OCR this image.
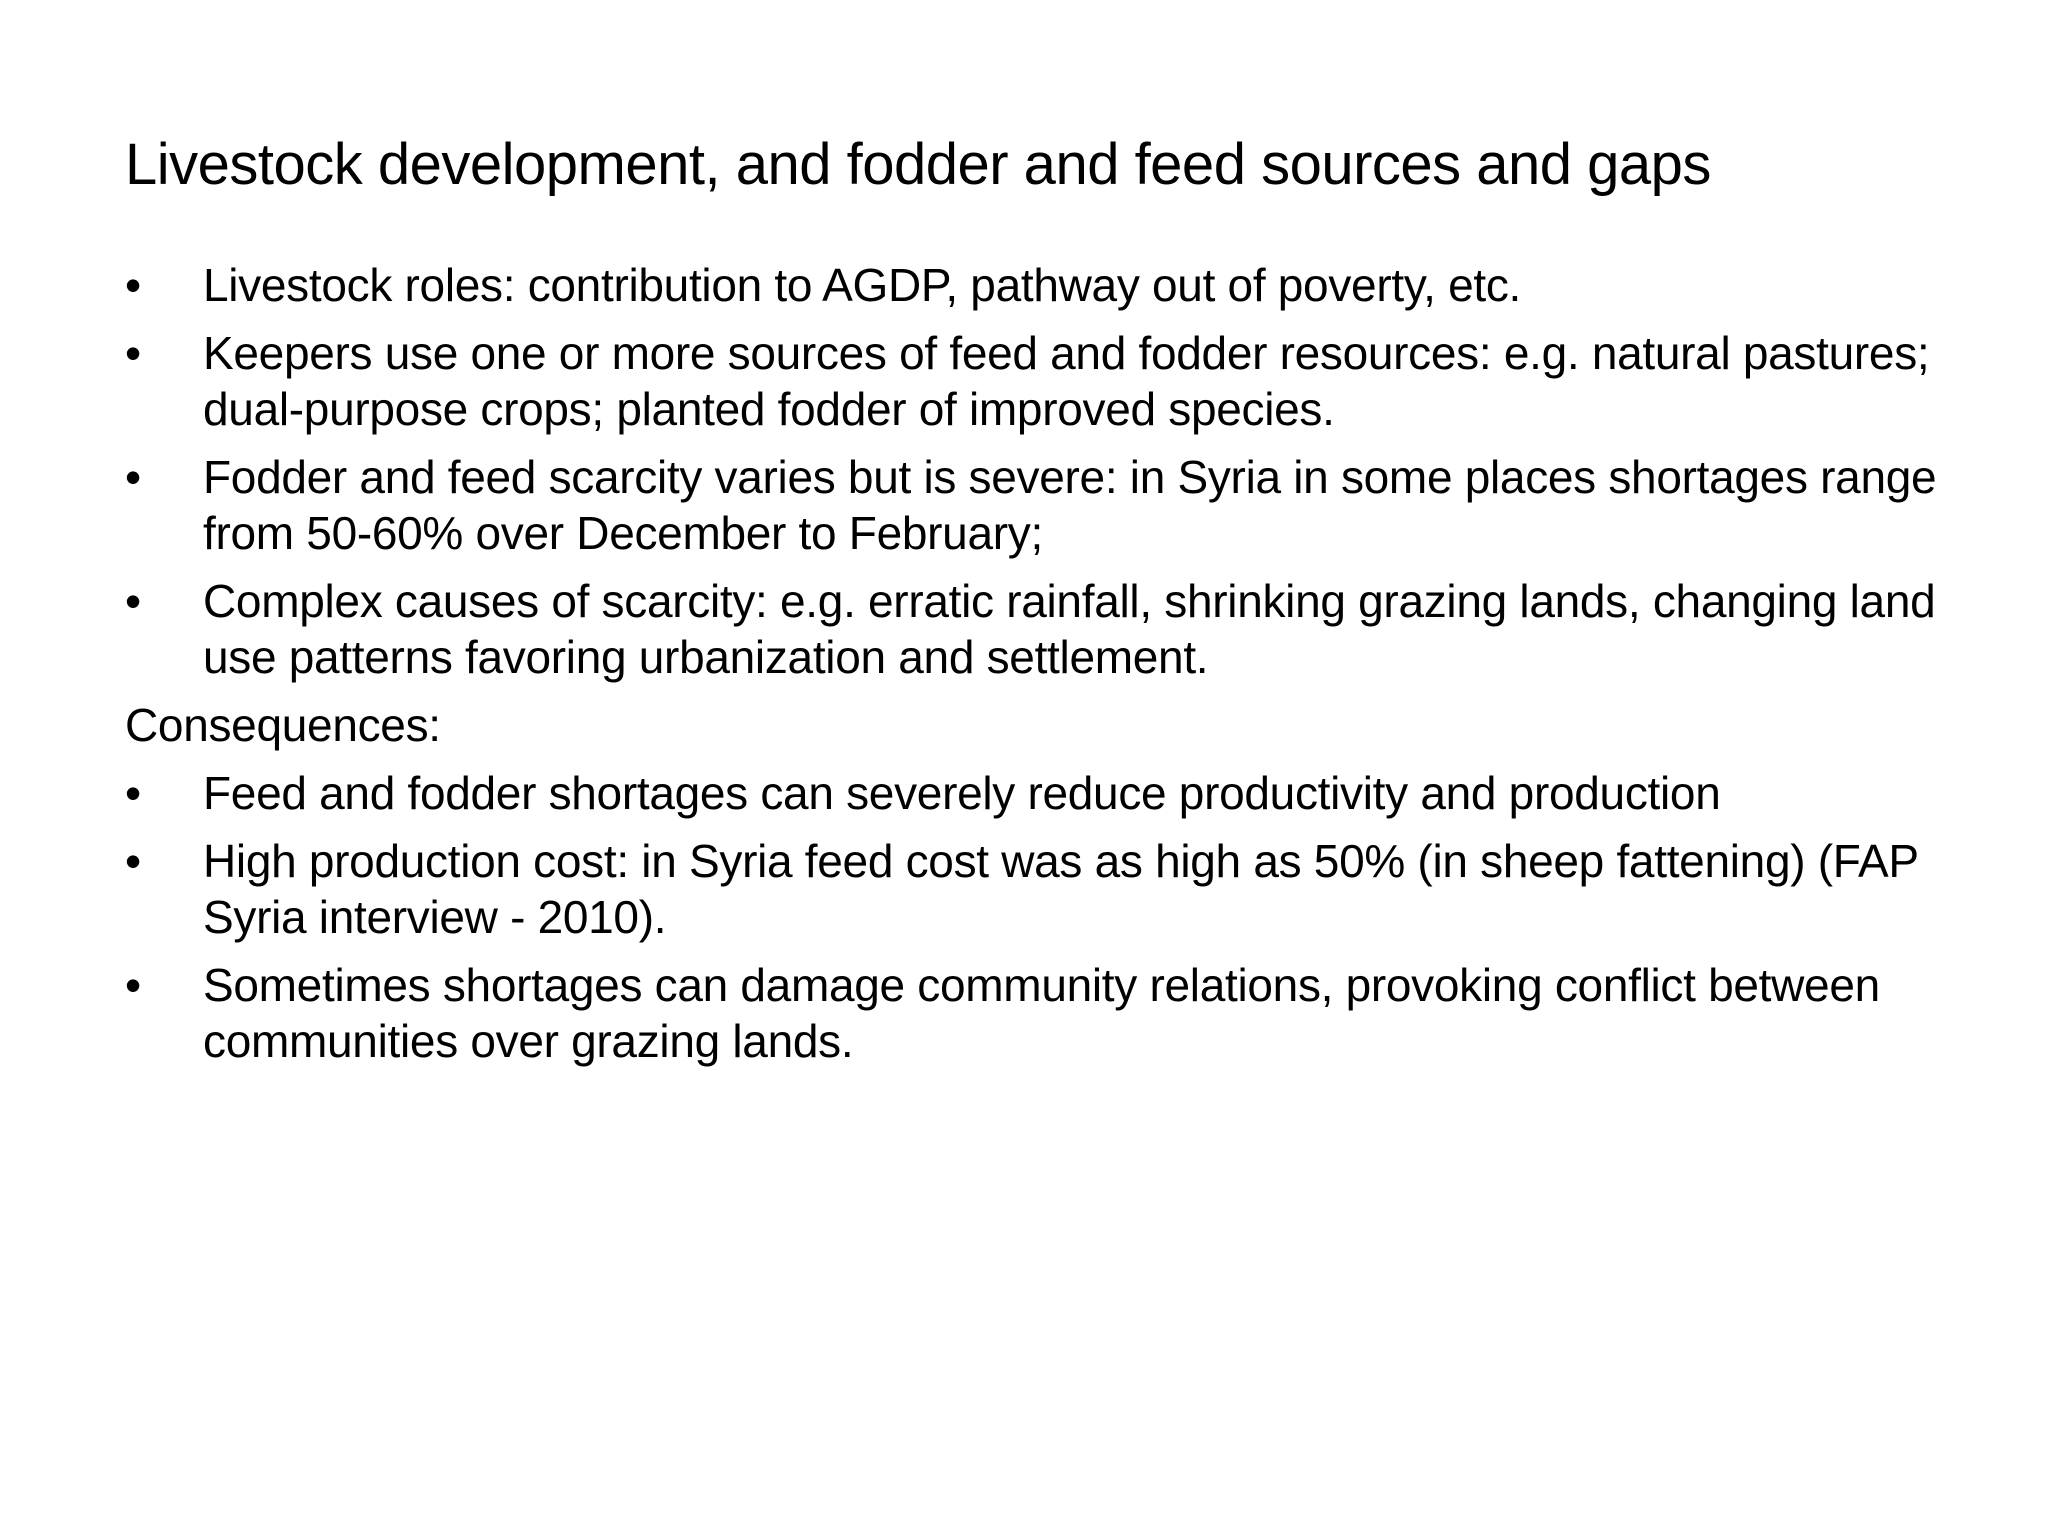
Livestock development, and fodder and feed sources and gaps
•	Livestock roles: contribution to AGDP, pathway out of poverty, etc.
•	Keepers use one or more sources of feed and fodder resources: e.g. natural pastures; dual-purpose crops; planted fodder of improved species.
•	Fodder and feed scarcity varies but is severe: in Syria in some places shortages range from 50-60% over December to February;
•	Complex causes of scarcity: e.g. erratic rainfall, shrinking grazing lands, changing land use patterns favoring urbanization and settlement.
Consequences:
•	Feed and fodder shortages can severely reduce productivity and production
•	High production cost: in Syria feed cost was as high as 50% (in sheep fattening) (FAP Syria interview - 2010).
•	Sometimes shortages can damage community relations, provoking conflict between communities over grazing lands.
